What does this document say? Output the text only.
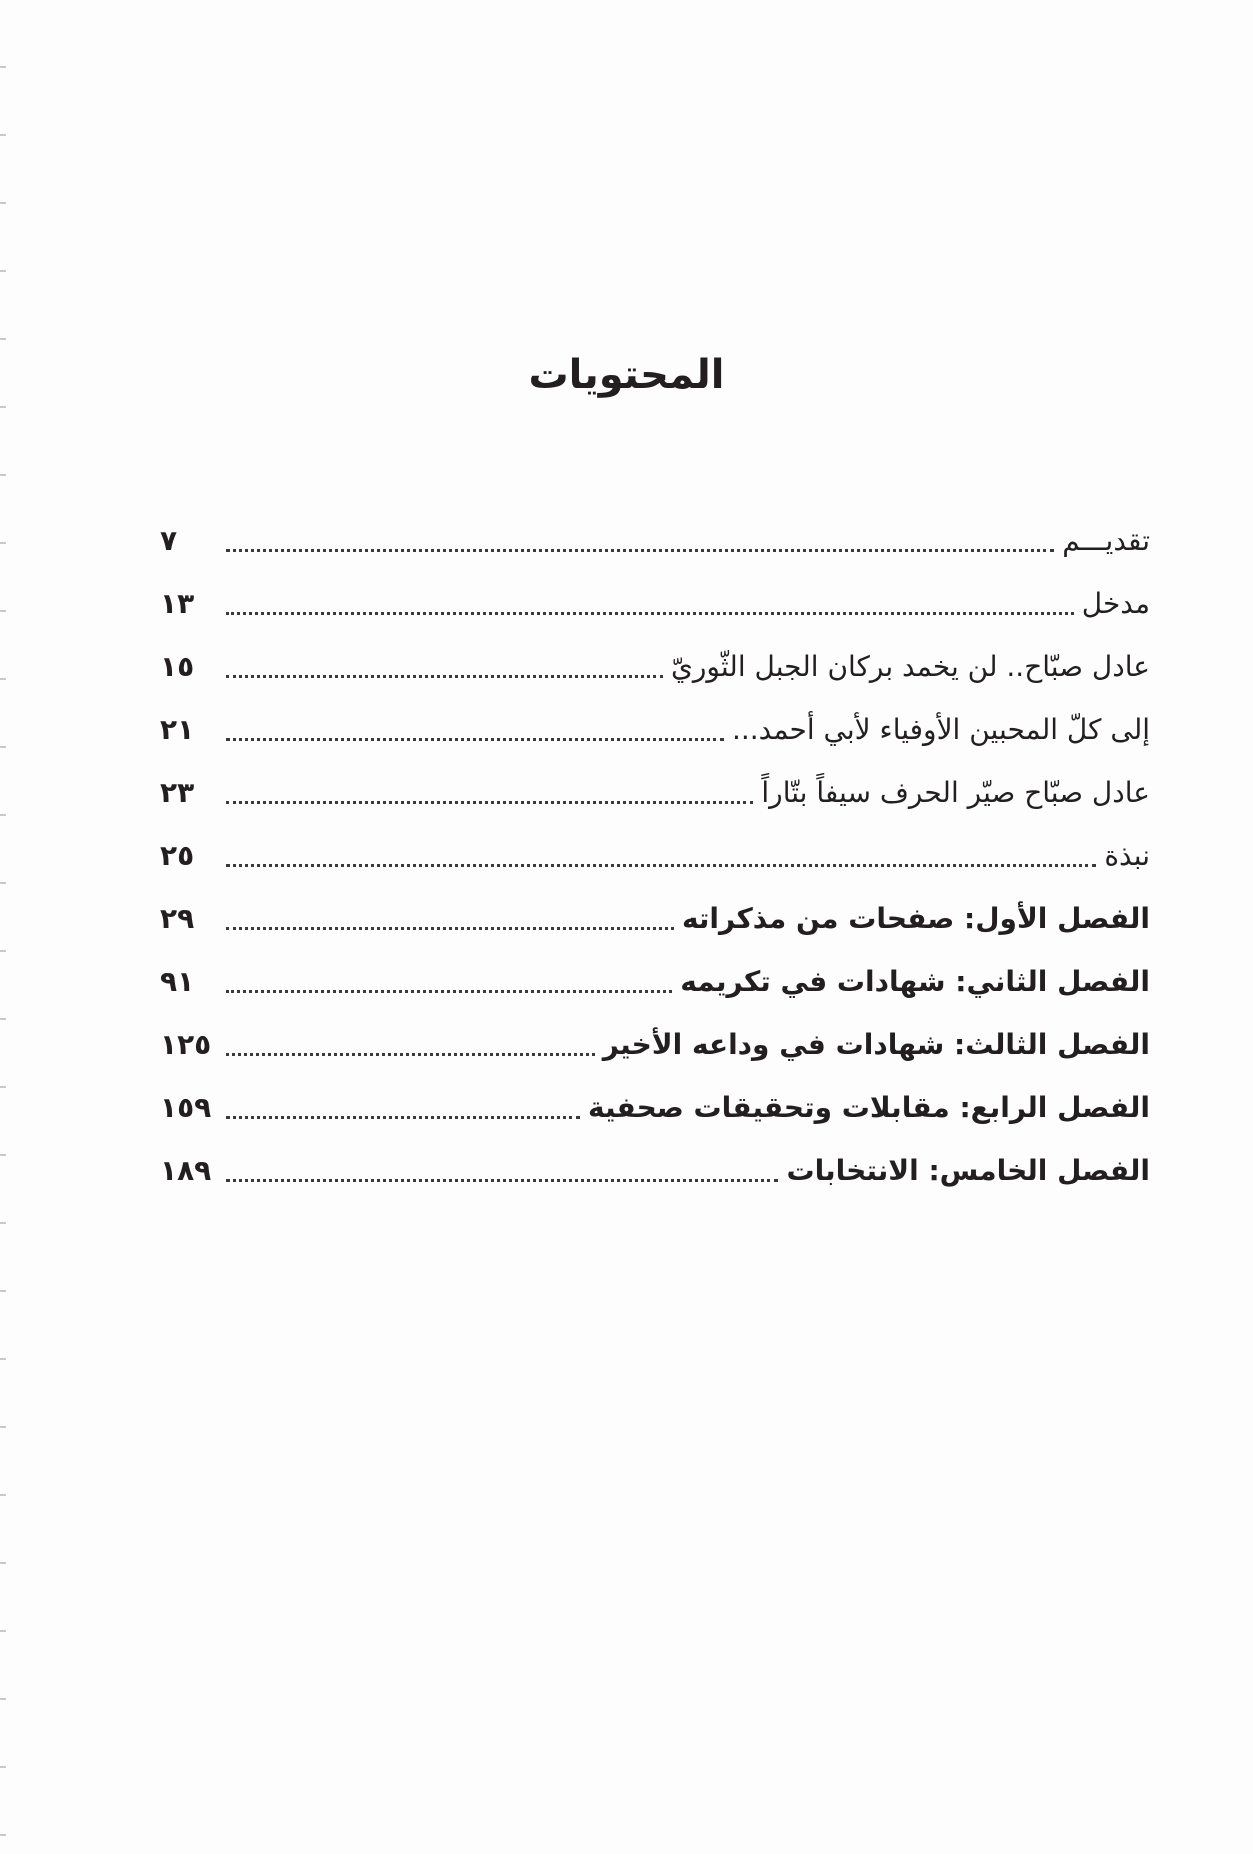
المحتويات
تقديـــم
٧
مدخل
١٣
عادل صبّاح.. لن يخمد بركان الجبل الثّوريّ
١٥
إلى كلّ المحبين الأوفياء لأبي أحمد...
٢١
عادل صبّاح صيّر الحرف سيفاً بتّاراً
٢٣
نبذة
٢٥
الفصل الأول: صفحات من مذكراته
٢٩
الفصل الثاني: شهادات في تكريمه
٩١
الفصل الثالث: شهادات في وداعه الأخير
١٢٥
الفصل الرابع: مقابلات وتحقيقات صحفية
١٥٩
الفصل الخامس: الانتخابات
١٨٩
